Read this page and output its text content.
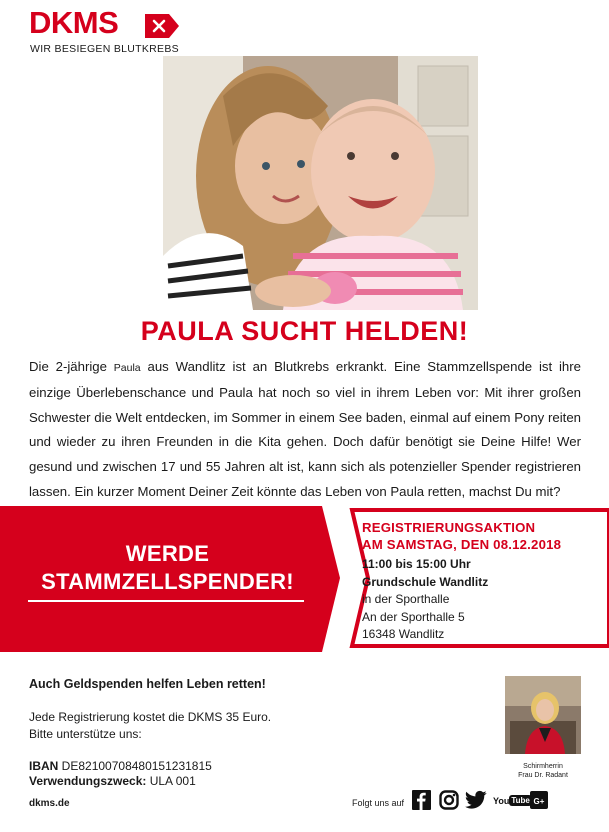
DKMS
WIR BESIEGEN BLUTKREBS
PAULA SUCHT HELDEN!

Die 2-jährige Paula aus Wandlitz ist an Blutkrebs erkrankt. Eine Stammzellspende ist ihre einzige Überlebenschance und Paula hat noch so viel in ihrem Leben vor: Mit ihrer großen Schwester die Welt entdecken, im Sommer in einem See baden, einmal auf einem Pony reiten und wieder zu ihren Freunden in die Kita gehen. Doch dafür benötigt sie Deine Hilfe! Wer gesund und zwischen 17 und 55 Jahren alt ist, kann sich als potenzieller Spender registrieren lassen. Ein kurzer Moment Deiner Zeit könnte das Leben von Paula retten, machst Du mit?

WERDE
STAMMZELLSPENDER!
REGISTRIERUNGSAKTION
AM SAMSTAG, DEN 08.12.2018
11:00 bis 15:00 Uhr
Grundschule Wandlitz
in der Sporthalle
An der Sporthalle 5
16348 Wandlitz
Auch Geldspenden helfen Leben retten!
Jede Registrierung kostet die DKMS 35 Euro.
Bitte unterstütze uns:
IBAN DE82100708480151231815
Verwendungszweck: ULA 001
Schirmherrin
Frau Dr. Radant
dkms.de	Folgt uns auf	You Tube G+
